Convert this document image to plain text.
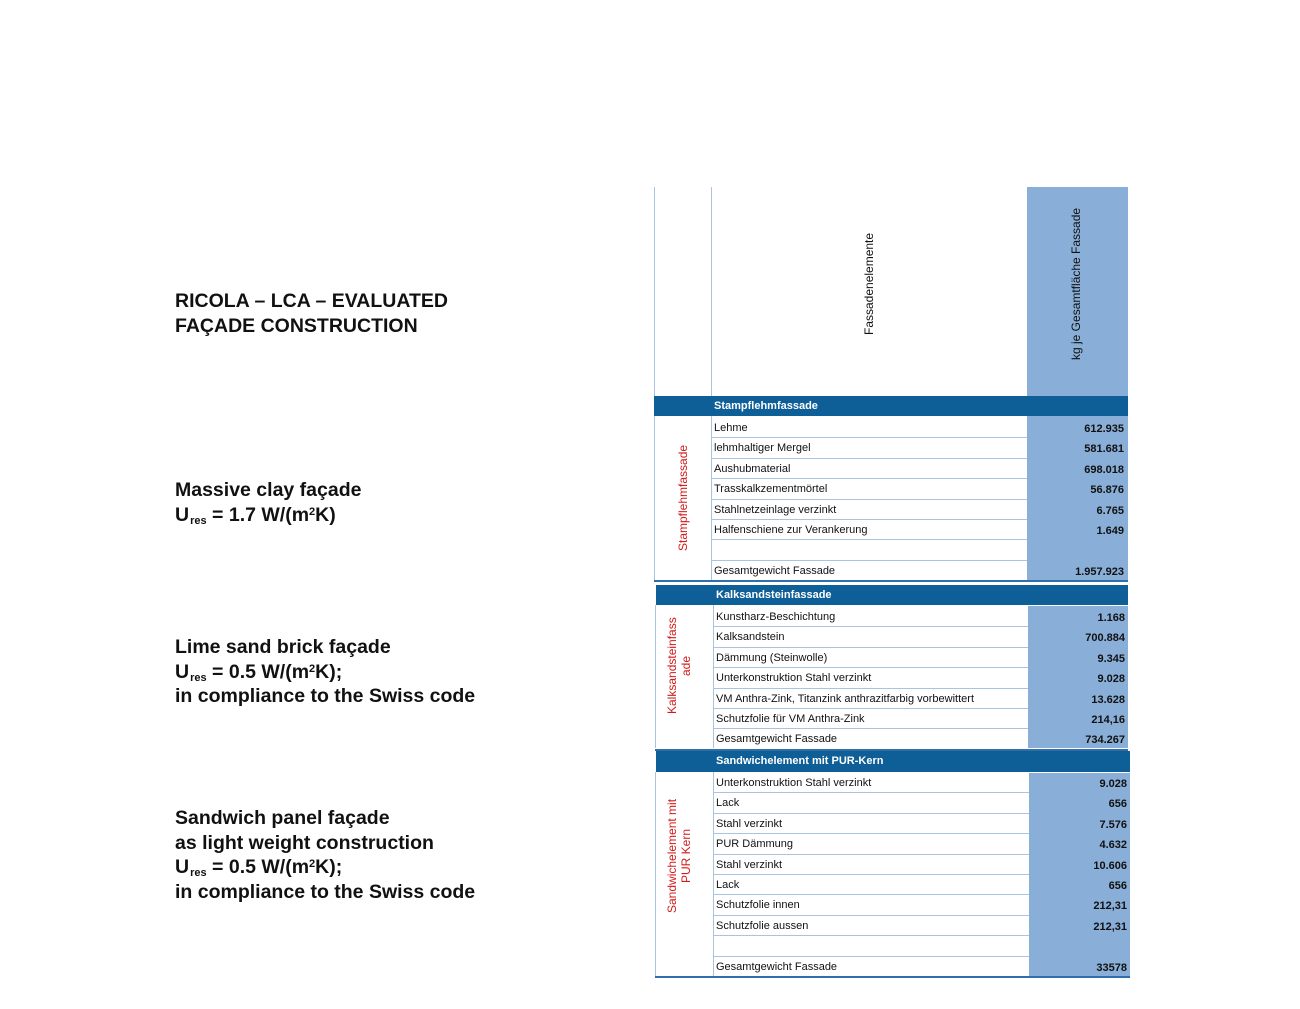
RICOLA – LCA – EVALUATED
FAÇADE CONSTRUCTION
Massive clay façade
$U_{res} = 1.7$ $W/(m^2K)$
Lime sand brick façade
$U_{res} = 0.5$ $W/(m^2K)$;
in compliance to the Swiss code
Sandwich panel façade
as light weight construction
$U_{res} = 0.5$ $W/(m^2K)$;
in compliance to the Swiss code
Fassadenelemente	kg je Gesamtfläche Fassade
Stampflehmfassade
Stampflehmfassade
Kalksandsteinfassade
Kalksandsteinfass
ade
Sandwichelement mit PUR-Kern
Sandwichelement mit
PUR Kern
Lehme	612.935
lehmhaltiger Mergel	581.681
Aushubmaterial	698.018
Trasskalkzementmörtel	56.876
Stahlnetzeinlage verzinkt	6.765
Halfenschiene zur Verankerung	1.649
Gesamtgewicht Fassade	1.957.923
Kunstharz-Beschichtung	1.168
Kalksandstein	700.884
Dämmung (Steinwolle)	9.345
Unterkonstruktion Stahl verzinkt	9.028
VM Anthra-Zink, Titanzink anthrazitfarbig vorbewittert	13.628
Schutzfolie für VM Anthra-Zink	214,16
Gesamtgewicht Fassade	734.267
Unterkonstruktion Stahl verzinkt	9.028
Lack	656
Stahl verzinkt	7.576
PUR Dämmung	4.632
Stahl verzinkt	10.606
Lack	656
Schutzfolie innen	212,31
Schutzfolie aussen	212,31
Gesamtgewicht Fassade	33578
